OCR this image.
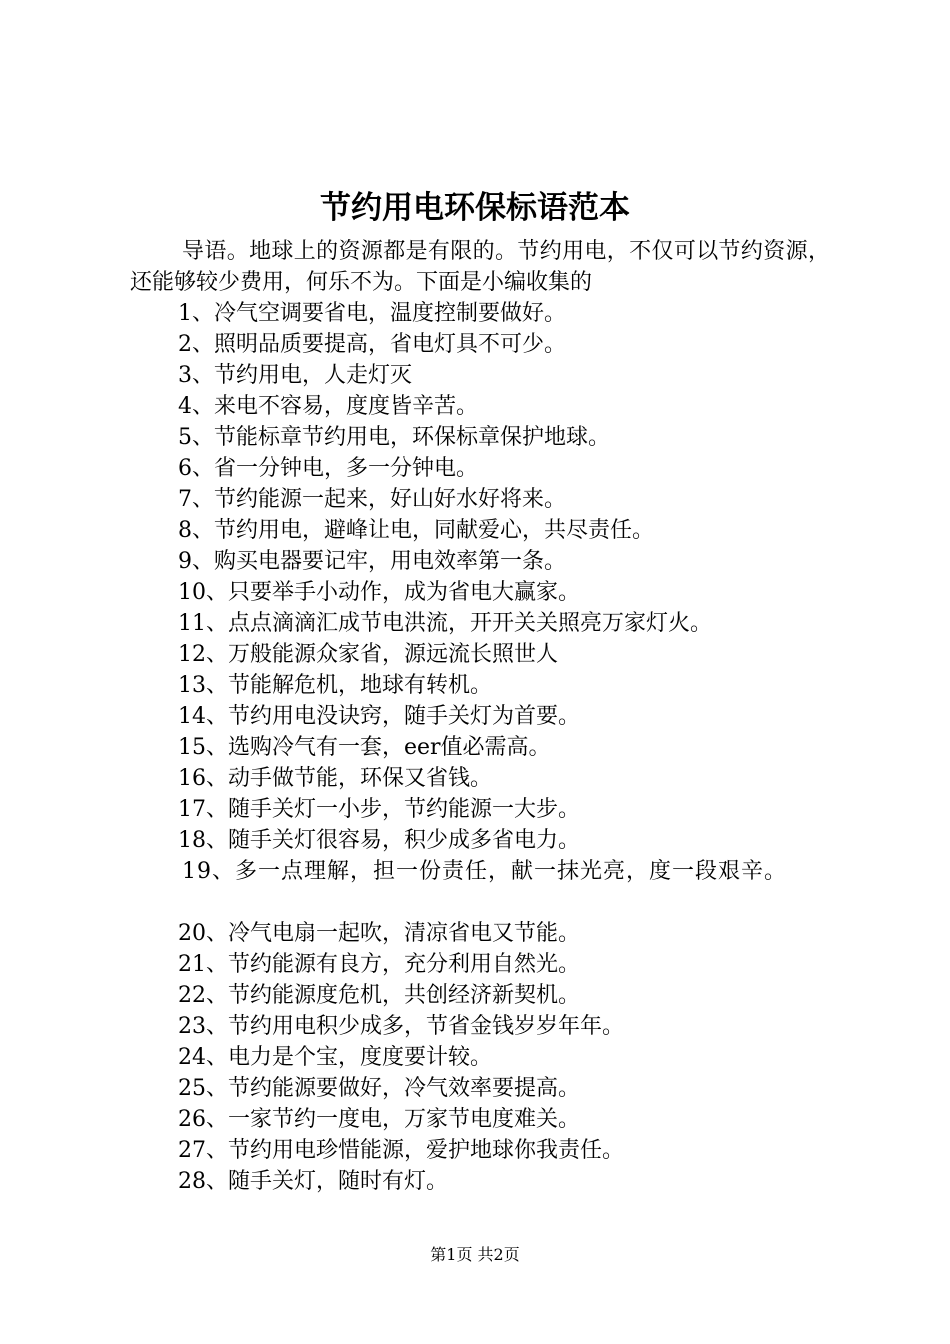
节约用电环保标语范本

导语。地球上的资源都是有限的。节约用电，不仅可以节约资源，还能够较少费用，何乐不为。下面是小编收集的

1、冷气空调要省电，温度控制要做好。
2、照明品质要提高，省电灯具不可少。
3、节约用电，人走灯灭
4、来电不容易，度度皆辛苦。
5、节能标章节约用电，环保标章保护地球。
6、省一分钟电，多一分钟电。
7、节约能源一起来，好山好水好将来。
8、节约用电，避峰让电，同献爱心，共尽责任。
9、购买电器要记牢，用电效率第一条。
10、只要举手小动作，成为省电大赢家。
11、点点滴滴汇成节电洪流，开开关关照亮万家灯火。
12、万般能源众家省，源远流长照世人
13、节能解危机，地球有转机。
14、节约用电没诀窍，随手关灯为首要。
15、选购冷气有一套，eer值必需高。
16、动手做节能，环保又省钱。
17、随手关灯一小步，节约能源一大步。
18、随手关灯很容易，积少成多省电力。
19、多一点理解，担一份责任，献一抹光亮，度一段艰辛。
20、冷气电扇一起吹，清凉省电又节能。
21、节约能源有良方，充分利用自然光。
22、节约能源度危机，共创经济新契机。
23、节约用电积少成多，节省金钱岁岁年年。
24、电力是个宝，度度要计较。
25、节约能源要做好，冷气效率要提高。
26、一家节约一度电，万家节电度难关。
27、节约用电珍惜能源，爱护地球你我责任。
28、随手关灯，随时有灯。
第1页 共2页
